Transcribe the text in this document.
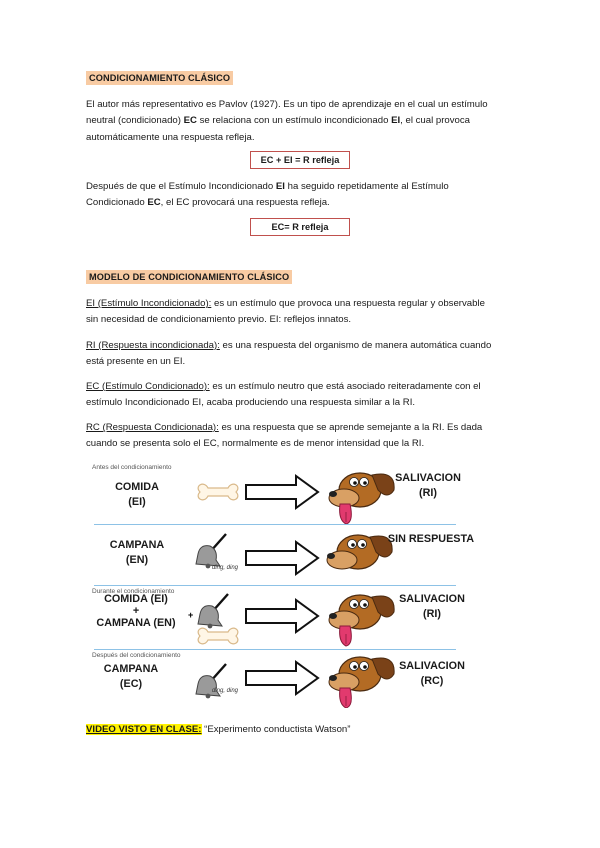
CONDICIONAMIENTO CLÁSICO
El autor más representativo es Pavlov (1927). Es un tipo de aprendizaje en el cual un estímulo
neutral (condicionado) EC se relaciona con un estímulo incondicionado EI, el cual provoca
automáticamente una respuesta refleja.
EC + EI = R refleja
Después de que el Estímulo Incondicionado EI ha seguido repetidamente al Estímulo
Condicionado EC, el EC provocará una respuesta refleja.
EC= R refleja
MODELO DE CONDICIONAMIENTO CLÁSICO
EI (Estímulo Incondicionado): es un estímulo que provoca una respuesta regular y observable
sin necesidad de condicionamiento previo. EI: reflejos innatos.
RI (Respuesta incondicionada): es una respuesta del organismo de manera automática cuando
está presente en un EI.
EC (Estímulo Condicionado): es un estímulo neutro que está asociado reiteradamente con el
estímulo Incondicionado EI, acaba produciendo una respuesta similar a la RI.
RC (Respuesta Condicionada): es una respuesta que se aprende semejante a la RI. Es dada
cuando se presenta solo el EC, normalmente es de menor intensidad que la RI.
+
Antes del condicionamiento
Durante el condicionamiento
Después del condicionamiento
COMIDA
(EI)
CAMPANA
(EN)
COMIDA (EI)
+
CAMPANA (EN)
CAMPANA
(EC)
SALIVACION
(RI)
SIN RESPUESTA
SALIVACION
(RI)
SALIVACION
(RC)
ding, ding
ding, ding
VIDEO VISTO EN CLASE: “Experimento conductista Watson”
